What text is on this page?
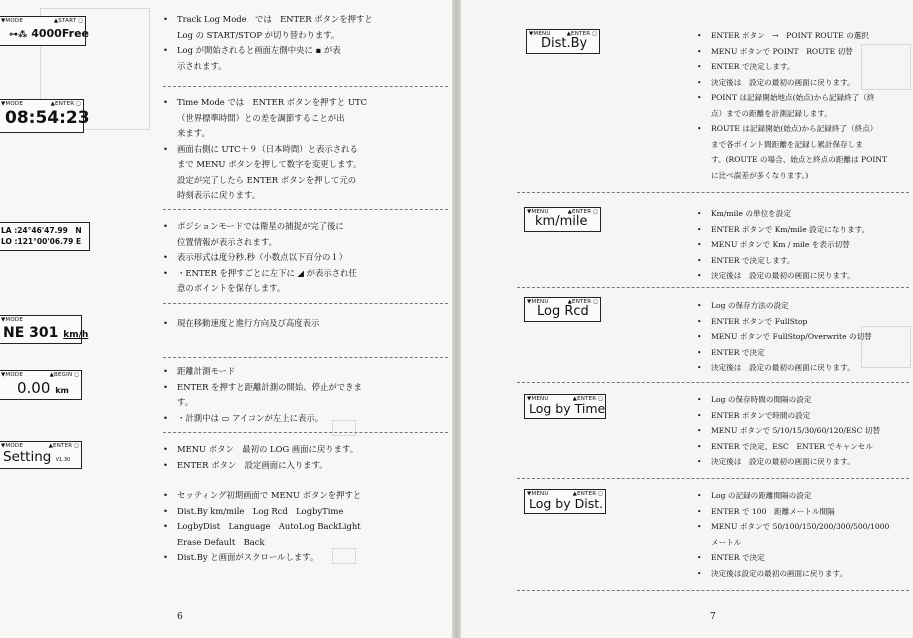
▼MODE	▲START ◻︎
⊶⁂ 4000Free
• Track Log Mode　では　ENTER ボタンを押すと
Log の START/STOP が切り替わります。
• Log が開始されると画面左側中央に ▪ が表
示されます。
▼MODE	▲ENTER ◻︎
08:54:23
• Time Mode では　ENTER ボタンを押すと UTC
（世界標準時間）との差を調節することが出
来ます。
• 画面右側に UTC＋９（日本時間）と表示される
まで MENU ボタンを押して数字を変更します。
設定が完了したら ENTER ボタンを押して元の
時刻表示に戻ります。
LA :24°46'47.99　N
LO :121°00'06.79 E
• ポジションモードでは衛星の捕捉が完了後に
位置情報が表示されます。
• 表示形式は度分秒.秒（小数点以下百分の１）
• ・ENTER を押すごとに左下に ◢ が表示され任
意のポイントを保存します。
▼MODE
NE 301 km/h
• 現在移動速度と進行方向及び高度表示
▼MODE	▲BEGIN ◻︎
0.00 km
• 距離計測モード
• ENTER を押すと距離計測の開始、停止ができま
す。
• ・計測中は ▭ アイコンが左上に表示。
▼MODE	▲ENTER ◻︎
Setting V1.30
• MENU ボタン　最初の LOG 画面に戻ります。
• ENTER ボタン　設定画面に入ります。
• セッティング初期画面で MENU ボタンを押すと
• Dist.By km/mile　Log Rcd　LogbyTime
• LogbyDist　Language　AutoLog BackLight
Erase Default　Back
• Dist.By と画面がスクロールします。
6
▼MENU	▲ENTER ◻︎
Dist.By
• ENTER ボタン　→　POINT ROUTE の選択
• MENU ボタンで POINT　ROUTE 切替
• ENTER で決定します。
• 決定後は　設定の最初の画面に戻ります。
• POINT は記録開始地点(始点)から記録終了（終
点）までの距離を計測記録します。
• ROUTE は記録開始(始点)から記録終了（終点）
まで各ポイント間距離を記録し累計保存しま
す。(ROUTE の場合、始点と終点の距離は POINT
に比べ誤差が多くなります。)
▼MENU	▲ENTER ◻︎
km/mile
• Km/mile の単位を設定
• ENTER ボタンで Km/mile 設定になります。
• MENU ボタンで Km / mile を表示切替
• ENTER で決定します。
• 決定後は　設定の最初の画面に戻ります。
▼MENU	▲ENTER ◻︎
Log Rcd
•	Log の保存方法の設定
• ENTER ボタンで FullStop
• MENU ボタンで FullStop/Overwrite の切替
• ENTER で決定
• 決定後は　設定の最初の画面に戻ります。
▼MENU	▲ENTER ◻︎
Log by Time
• Log の保存時間の間隔の設定
• ENTER ボタンで時間の設定
• MENU ボタンで 5/10/15/30/60/120/ESC 切替
• ENTER で決定、ESC　ENTER でキャンセル
• 決定後は　設定の最初の画面に戻ります。
▼MENU	▲ENTER ◻︎
Log by Dist.
• Log の記録の距離間隔の設定
• ENTER で 100　距離メートル間隔
• MENU ボタンで 50/100/150/200/300/500/1000
メートル
• ENTER で決定
• 決定後は設定の最初の画面に戻ります。
7
